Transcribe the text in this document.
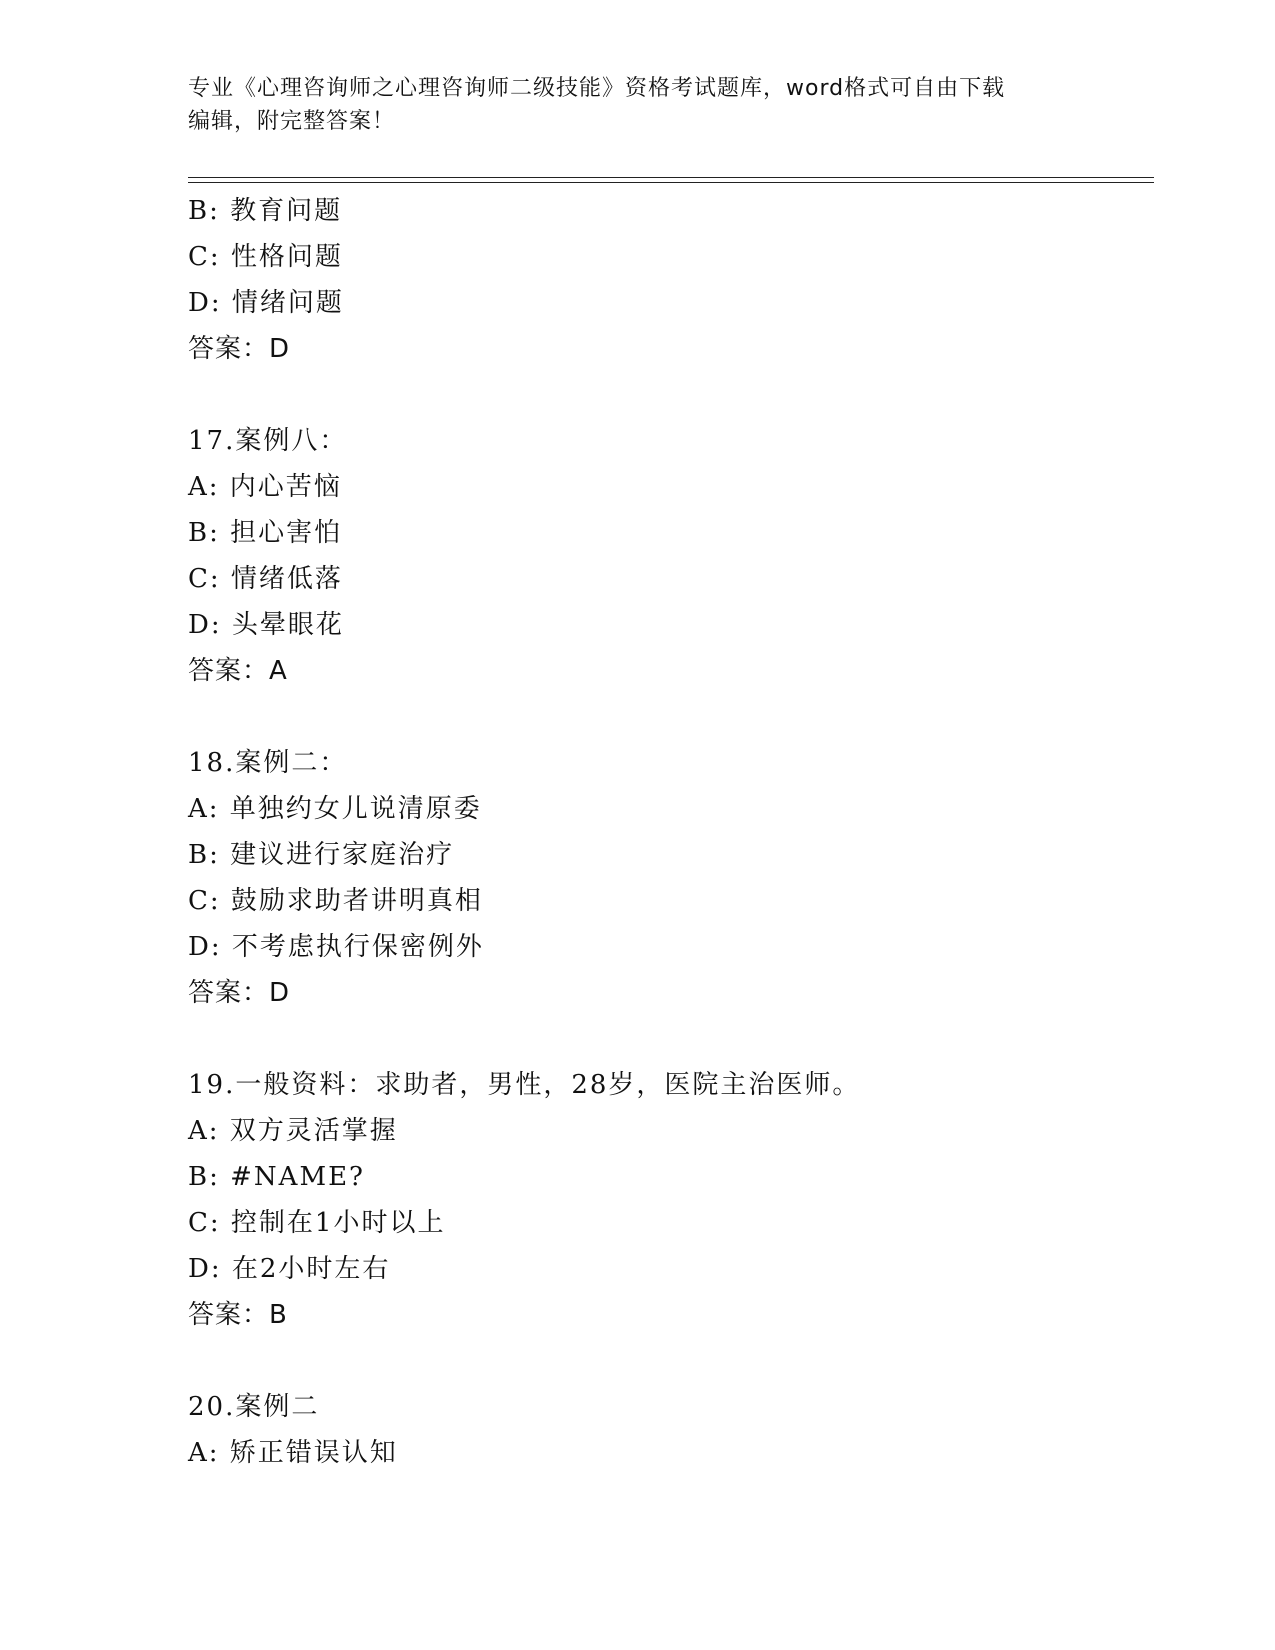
专业《心理咨询师之心理咨询师二级技能》资格考试题库，word格式可自由下载
编辑，附完整答案！
B: 教育问题
C: 性格问题
D: 情绪问题
答案：D
17.案例八：
A: 内心苦恼
B: 担心害怕
C: 情绪低落
D: 头晕眼花
答案：A
18.案例二：
A: 单独约女儿说清原委
B: 建议进行家庭治疗
C: 鼓励求助者讲明真相
D: 不考虑执行保密例外
答案：D
19.一般资料：求助者，男性，28岁，医院主治医师。
A: 双方灵活掌握
B: #NAME?
C: 控制在1小时以上
D: 在2小时左右
答案：B
20.案例二
A: 矫正错误认知
